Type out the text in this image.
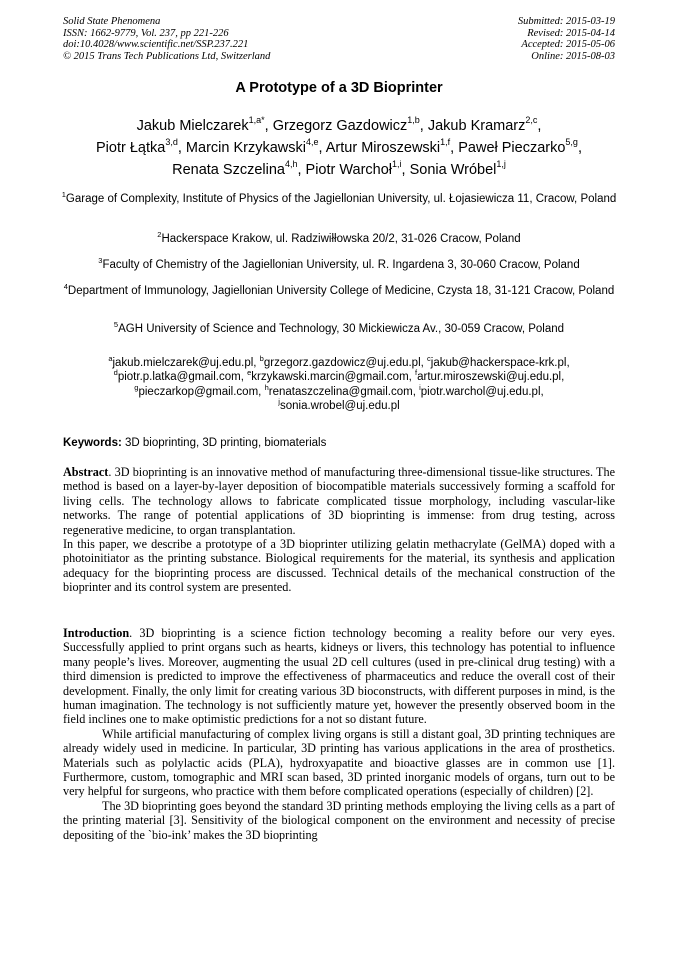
Solid State Phenomena
ISSN: 1662-9779, Vol. 237, pp 221-226
doi:10.4028/www.scientific.net/SSP.237.221
© 2015 Trans Tech Publications Ltd, Switzerland
Submitted: 2015-03-19
Revised: 2015-04-14
Accepted: 2015-05-06
Online: 2015-08-03
A Prototype of a 3D Bioprinter
Jakub Mielczarek$^{1,a*}$, Grzegorz Gazdowicz$^{1,b}$, Jakub Kramarz$^{2,c}$,
Piotr Łątka$^{3,d}$, Marcin Krzykawski$^{4,e}$, Artur Miroszewski$^{1,f}$, Paweł Pieczarko$^{5,g}$,
Renata Szczelina$^{4,h}$, Piotr Warchoł$^{1,i}$, Sonia Wróbel$^{1,j}$

$^1$Garage of Complexity, Institute of Physics of the Jagiellonian University, ul. Łojasiewicza 11, Cracow, Poland

$^2$Hackerspace Krakow, ul. Radziwiłłowska 20/2, 31-026 Cracow, Poland

$^3$Faculty of Chemistry of the Jagiellonian University, ul. R. Ingardena 3, 30-060 Cracow, Poland

$^4$Department of Immunology, Jagiellonian University College of Medicine, Czysta 18, 31-121 Cracow, Poland

$^5$AGH University of Science and Technology, 30 Mickiewicza Av., 30-059 Cracow, Poland

$^a$jakub.mielczarek@uj.edu.pl, $^b$grzegorz.gazdowicz@uj.edu.pl, $^c$jakub@hackerspace-krk.pl,
$^d$piotr.p.latka@gmail.com, $^e$krzykawski.marcin@gmail.com, $^f$artur.miroszewski@uj.edu.pl,
$^g$pieczarkop@gmail.com, $^h$renataszczelina@gmail.com, $^i$piotr.warchol@uj.edu.pl,
$^j$sonia.wrobel@uj.edu.pl
Keywords: 3D bioprinting, 3D printing, biomaterials

Abstract. 3D bioprinting is an innovative method of manufacturing three-dimensional tissue-like structures. The method is based on a layer-by-layer deposition of biocompatible materials successively forming a scaffold for living cells. The technology allows to fabricate complicated tissue morphology, including vascular-like networks. The range of potential applications of 3D bioprinting is immense: from drug testing, across regenerative medicine, to organ transplantation.

In this paper, we describe a prototype of a 3D bioprinter utilizing gelatin methacrylate (GelMA) doped with a photoinitiator as the printing substance. Biological requirements for the material, its synthesis and application adequacy for the bioprinting process are discussed. Technical details of the mechanical construction of the bioprinter and its control system are presented.

Introduction. 3D bioprinting is a science fiction technology becoming a reality before our very eyes. Successfully applied to print organs such as hearts, kidneys or livers, this technology has potential to influence many people’s lives. Moreover, augmenting the usual 2D cell cultures (used in pre-clinical drug testing) with a third dimension is predicted to improve the effectiveness of pharmaceutics and reduce the overall cost of their development. Finally, the only limit for creating various 3D bioconstructs, with different purposes in mind, is the human imagination. The technology is not sufficiently mature yet, however the presently observed boom in the field inclines one to make optimistic predictions for a not so distant future.

While artificial manufacturing of complex living organs is still a distant goal, 3D printing techniques are already widely used in medicine. In particular, 3D printing has various applications in the area of prosthetics. Materials such as polylactic acids (PLA), hydroxyapatite and bioactive glasses are in common use [1]. Furthermore, custom, tomographic and MRI scan based, 3D printed inorganic models of organs, turn out to be very helpful for surgeons, who practice with them before complicated operations (especially of children) [2].

The 3D bioprinting goes beyond the standard 3D printing methods employing the living cells as a part of the printing material [3]. Sensitivity of the biological component on the environment and necessity of precise depositing of the `bio-ink’ makes the 3D bioprinting
